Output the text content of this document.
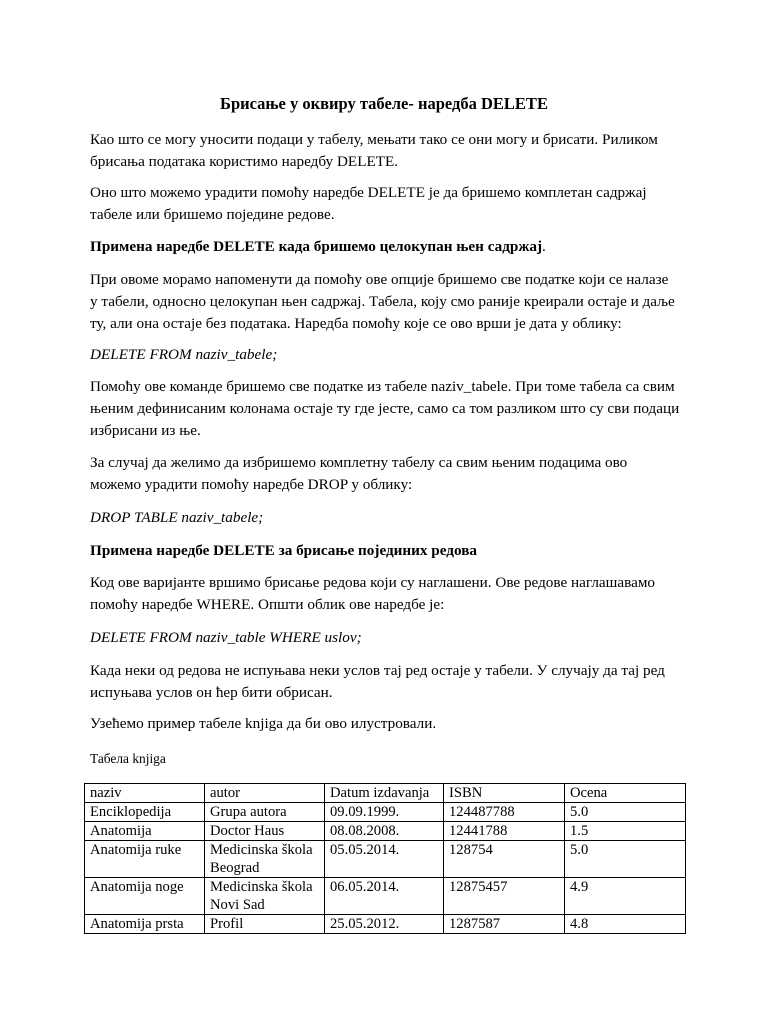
Брисање у оквиру табеле- наредба DELETE

Као што се могу уносити подаци у табелу, мењати тако се они могу и брисати. Риликом
брисања података користимо наредбу DELETE.

Оно што можемо урадити помоћу наредбе DELETE је да бришемо комплетан садржај
табеле или бришемо поједине редове.

Примена наредбе DELETE када бришемо целокупан њен садржај.

При овоме морамо напоменути да помоћу ове опције бришемо све податке који се налазе
у табели, односно целокупан њен садржај. Табела, коју смо раније креирали остаје и даље
ту, али она остаје без података. Наредба помоћу које се ово врши је дата у облику:

DELETE FROM naziv_tabele;

Помоћу ове команде бришемо све податке из табеле naziv_tabele. При томе табела са свим
њеним дефинисаним колонама остаје ту где јесте, само са том разликом што су сви подаци
избрисани из ње.

За случај да желимо да избришемо комплетну табелу са свим њеним подацима ово
можемо урадити помоћу наредбе DROP у облику:

DROP TABLE naziv_tabele;

Примена наредбе DELETE за брисање појединих редова

Код ове варијанте вршимо брисање редова који су наглашени. Ове редове наглашавамо
помоћу наредбе WHERE. Општи облик ове наредбе је:

DELETE FROM naziv_table WHERE uslov;

Када неки од редова не испуњава неки услов тај ред остаје у табели. У случају да тај ред
испуњава услов он ћер бити обрисан.

Узећемо пример табеле knjiga да би ово илустровали.

Табела knjiga

naziv	autor	Datum izdavanja	ISBN	Ocena
Enciklopedija	Grupa autora	09.09.1999.	124487788	5.0
Anatomija	Doctor Haus	08.08.2008.	12441788	1.5
Anatomija ruke	Medicinska škola
Beograd	05.05.2014.	128754	5.0
Anatomija noge	Medicinska škola
Novi Sad	06.05.2014.	12875457	4.9
Anatomija prsta	Profil	25.05.2012.	1287587	4.8
